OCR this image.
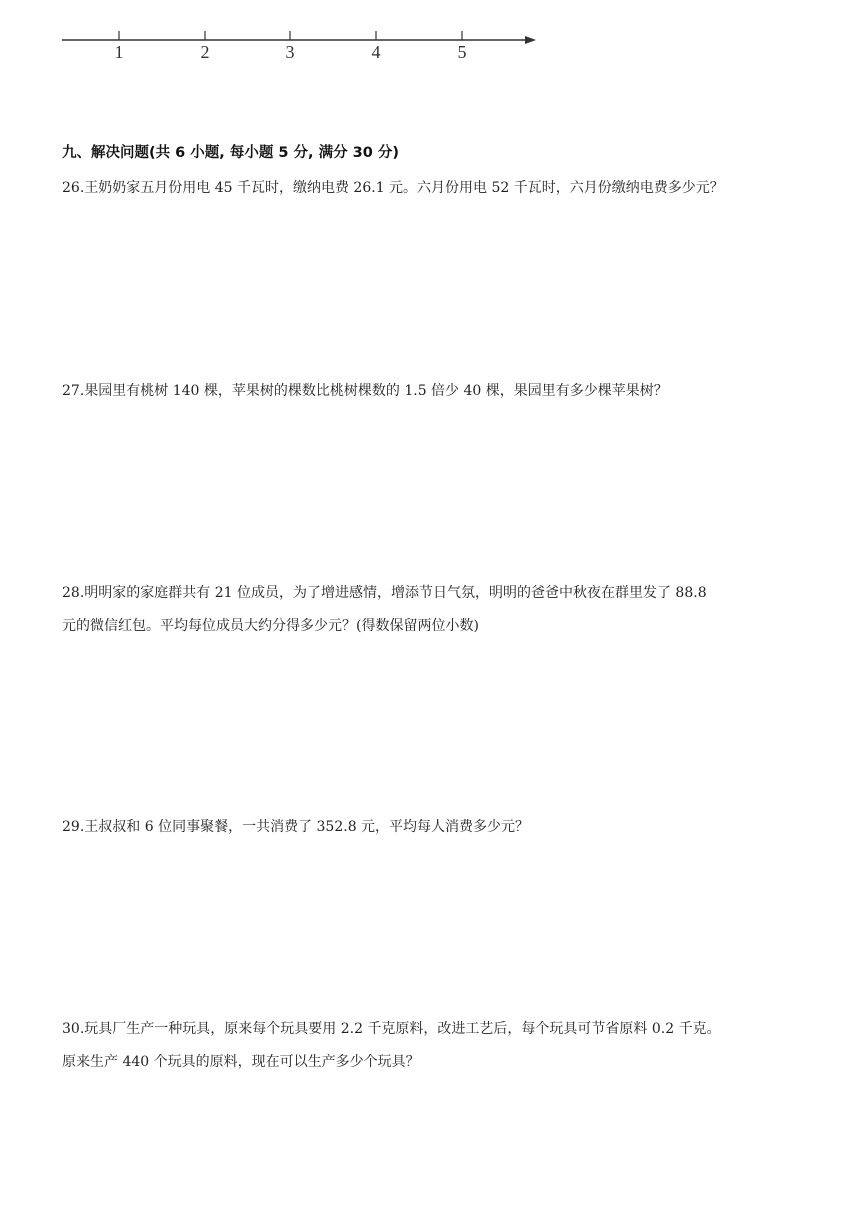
1	2	3	4	5
九、解决问题(共 6 小题, 每小题 5 分, 满分 30 分)
26.王奶奶家五月份用电 45 千瓦时，缴纳电费 26.1 元。六月份用电 52 千瓦时，六月份缴纳电费多少元？
27.果园里有桃树 140 棵，苹果树的棵数比桃树棵数的 1.5 倍少 40 棵，果园里有多少棵苹果树？
28.明明家的家庭群共有 21 位成员，为了增进感情，增添节日气氛，明明的爸爸中秋夜在群里发了 88.8
元的微信红包。平均每位成员大约分得多少元？(得数保留两位小数)
29.王叔叔和 6 位同事聚餐，一共消费了 352.8 元，平均每人消费多少元？
30.玩具厂生产一种玩具，原来每个玩具要用 2.2 千克原料，改进工艺后，每个玩具可节省原料 0.2 千克。
原来生产 440 个玩具的原料，现在可以生产多少个玩具？
